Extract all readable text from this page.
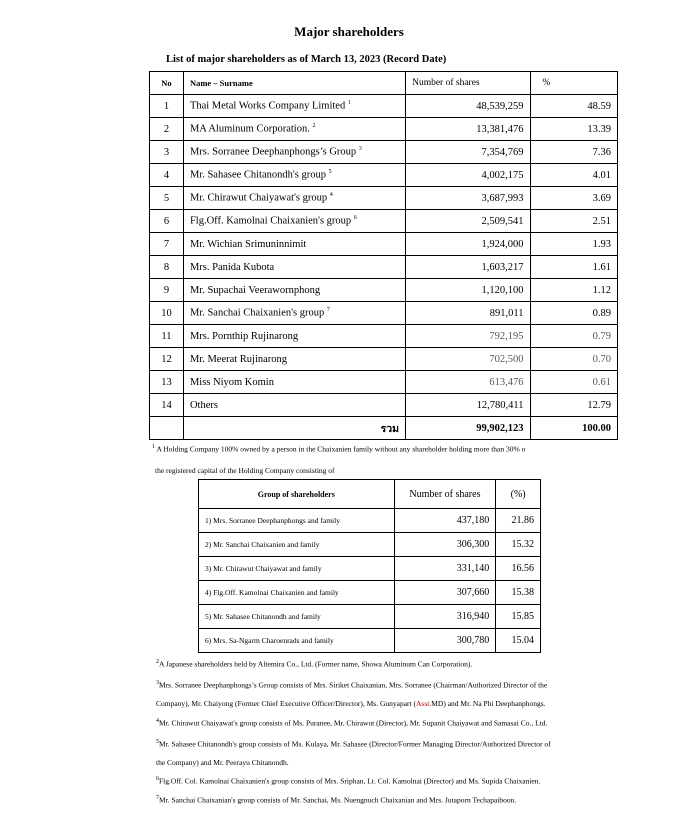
Major shareholders
List of major shareholders as of March 13, 2023 (Record Date)
No	Name – Surname	Number of shares	%
1	Thai Metal Works Company Limited $^1$	48,539,259	48.59
2	MA Aluminum Corporation. $^2$	13,381,476	13.39
3	Mrs. Sorranee Deephanphongs’s Group $^3$	7,354,769	7.36
4	Mr. Sahasee Chitanondh's group $^5$	4,002,175	4.01
5	Mr. Chirawut Chaiyawat's group $^4$	3,687,993	3.69
6	Flg.Off. Kamolnai Chaixanien's group $^6$	2,509,541	2.51
7	Mr. Wichian Srimuninnimit	1,924,000	1.93
8	Mrs. Panida Kubota	1,603,217	1.61
9	Mr. Supachai Veerawornphong	1,120,100	1.12
10	Mr. Sanchai Chaixanien's group $^7$	891,011	0.89
11	Mrs. Pornthip Rujinarong	792,195	0.79
12	Mr. Meerat Rujinarong	702,500	0.70
13	Miss Niyom Komin	613,476	0.61
14	Others	12,780,411	12.79
	รวม	99,902,123	100.00
$^1$ A Holding Company 100% owned by a person in the Chaixanien family without any shareholder holding more than 30% o
the registered capital of the Holding Company consisting of
Group of shareholders	Number of shares	(%)
1) Mrs. Sorranee Deephanphongs and family	437,180	21.86
2) Mr. Sanchai Chaixanien and family	306,300	15.32
3) Mr. Chirawut Chaiyawat and family	331,140	16.56
4) Flg.Off. Kamolnai Chaixanien and family	307,660	15.38
5) Mr. Sahasee Chitanondh and family	316,940	15.85
6) Mrs. Sa-Ngarm Charoenrads and family	300,780	15.04
$^2$A Japanese shareholders held by Altemira Co., Ltd. (Former name, Showa Aluminum Can Corporation).
$^3$Mrs. Sorranee Deephanphongs’s Group consists of Mrs. Siriket Chaixanian, Mrs. Sorranee (Chairman/Authorized Director of the
Company), Mr. Chaiyong (Former Chief Executive Officer/Director), Ms. Gunyapart (Asst.MD) and Mr. Na Phi Deephanphongs.
$^4$Mr. Chirawut Chaiyawat's group consists of Ms. Puranee, Mr. Chirawut (Director), Mr. Supanit Chaiyawat and Samasai Co., Ltd.
$^5$Mr. Sahasee Chitanondh's group consists of Ms. Kulaya, Mr. Sahasee (Director/Former Managing Director/Authorized Director of
the Company) and Mr. Peerayu Chitanondh.
$^6$Flg.Off. Col. Kamolnai Chaixanien's group consists of Mrs. Sriphan, Lt. Col. Kamolnai (Director) and Ms. Supida Chaixanien.
$^7$Mr. Sanchai Chaixanian's group consists of Mr. Sanchai, Ms. Nuengnuch Chaixanian and Mrs. Jutaporn Techapaiboon.
